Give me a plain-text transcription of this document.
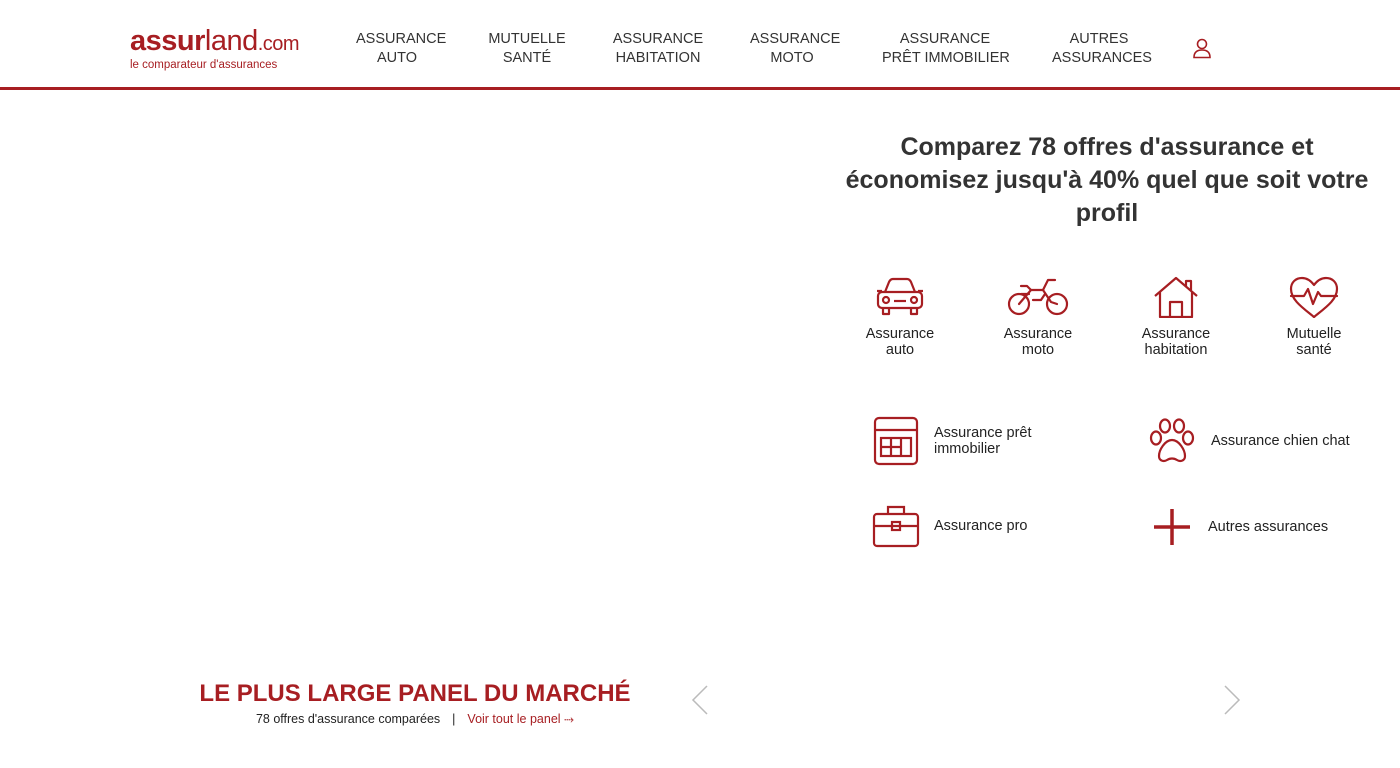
assurland.com
le comparateur d'assurances
ASSURANCE
AUTO
MUTUELLE
SANTÉ
ASSURANCE
HABITATION
ASSURANCE
MOTO
ASSURANCE
PRÊT IMMOBILIER
AUTRES
ASSURANCES
Comparez 78 offres d'assurance et économisez jusqu'à 40% quel que soit votre profil
Assurance
auto
Assurance
moto
Assurance
habitation
Mutuelle
santé
Assurance prêt
immobilier	Assurance chien chat
Assurance pro	Autres assurances
LE PLUS LARGE PANEL DU MARCHÉ
78 offres d'assurance comparées | Voir tout le panel ⤑
